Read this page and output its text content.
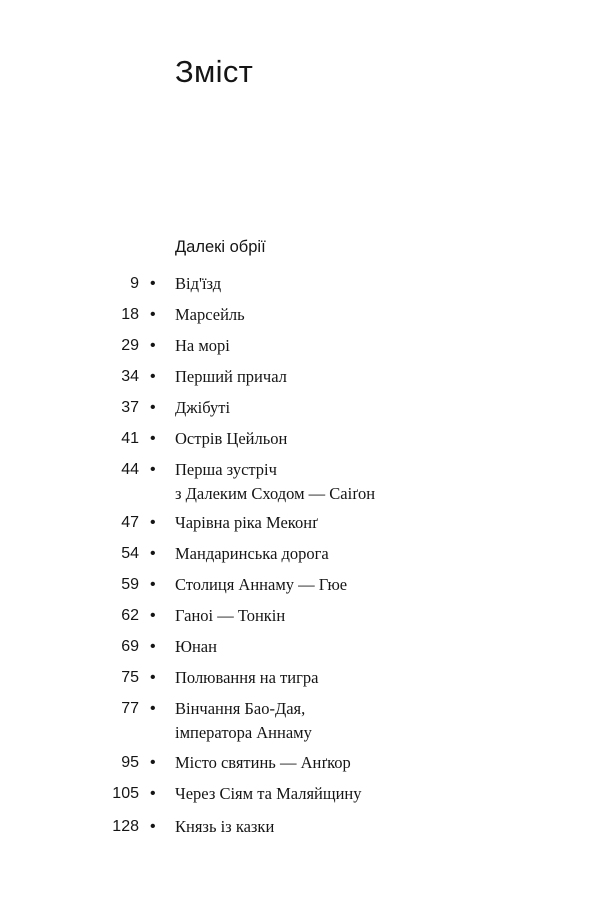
Зміст
Далекі обрії
9 • Від'їзд
18 • Марсейль
29 • На морі
34 • Перший причал
37 • Джібуті
41 • Острів Цейльон
44 • Перша зустріч
з Далеким Сходом — Саіґон
47 • Чарівна ріка Меконґ
54 • Мандаринська дорога
59 • Столиця Аннаму — Гюе
62 • Ганоі — Тонкін
69 • Юнан
75 • Полювання на тигра
77 • Вінчання Бао-Дая,
імператора Аннаму
95 • Місто святинь — Анґкор
105 • Через Сіям та Маляйщину
128 • Князь із казки
